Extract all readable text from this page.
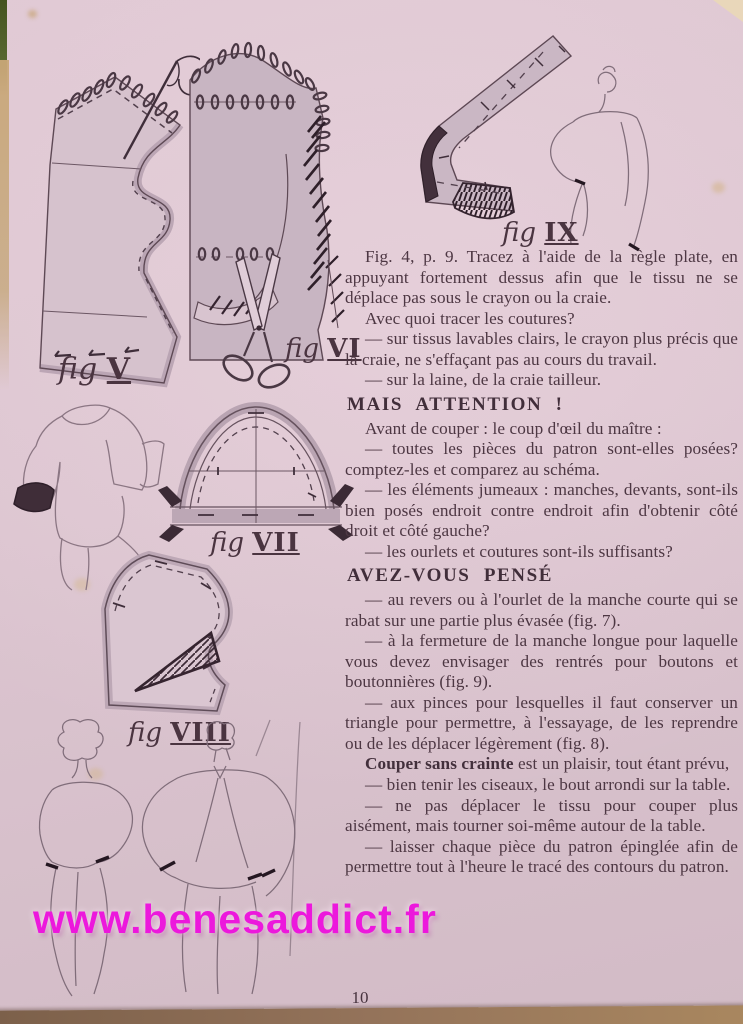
fig V
fig VI
fig VII
fig VIII
fig IX

Fig. 4, p. 9. Tracez à l'aide de la règle plate, en appuyant fortement dessus afin que le tissu ne se déplace pas sous le crayon ou la craie.

Avec quoi tracer les coutures?

— sur tissus lavables clairs, le crayon plus précis que la craie, ne s'effaçant pas au cours du travail.

— sur la laine, de la craie tailleur.

MAIS ATTENTION !

Avant de couper : le coup d'œil du maître :

— toutes les pièces du patron sont-elles posées? comptez-les et comparez au schéma.

— les éléments jumeaux : manches, devants, sont-ils bien posés endroit contre endroit afin d'obtenir côté droit et côté gauche?

— les ourlets et coutures sont-ils suffisants?

AVEZ-VOUS PENSÉ

— au revers ou à l'ourlet de la manche courte qui se rabat sur une partie plus évasée (fig. 7).

— à la fermeture de la manche longue pour laquelle vous devez envisager des rentrés pour boutons et boutonnières (fig. 9).

— aux pinces pour lesquelles il faut conserver un triangle pour permettre, à l'essayage, de les reprendre ou de les déplacer légèrement (fig. 8).

Couper sans crainte est un plaisir, tout étant prévu,

— bien tenir les ciseaux, le bout arrondi sur la table.

— ne pas déplacer le tissu pour couper plus aisément, mais tourner soi-même autour de la table.

— laisser chaque pièce du patron épinglée afin de permettre tout à l'heure le tracé des contours du patron.

www.benesaddict.fr
10
